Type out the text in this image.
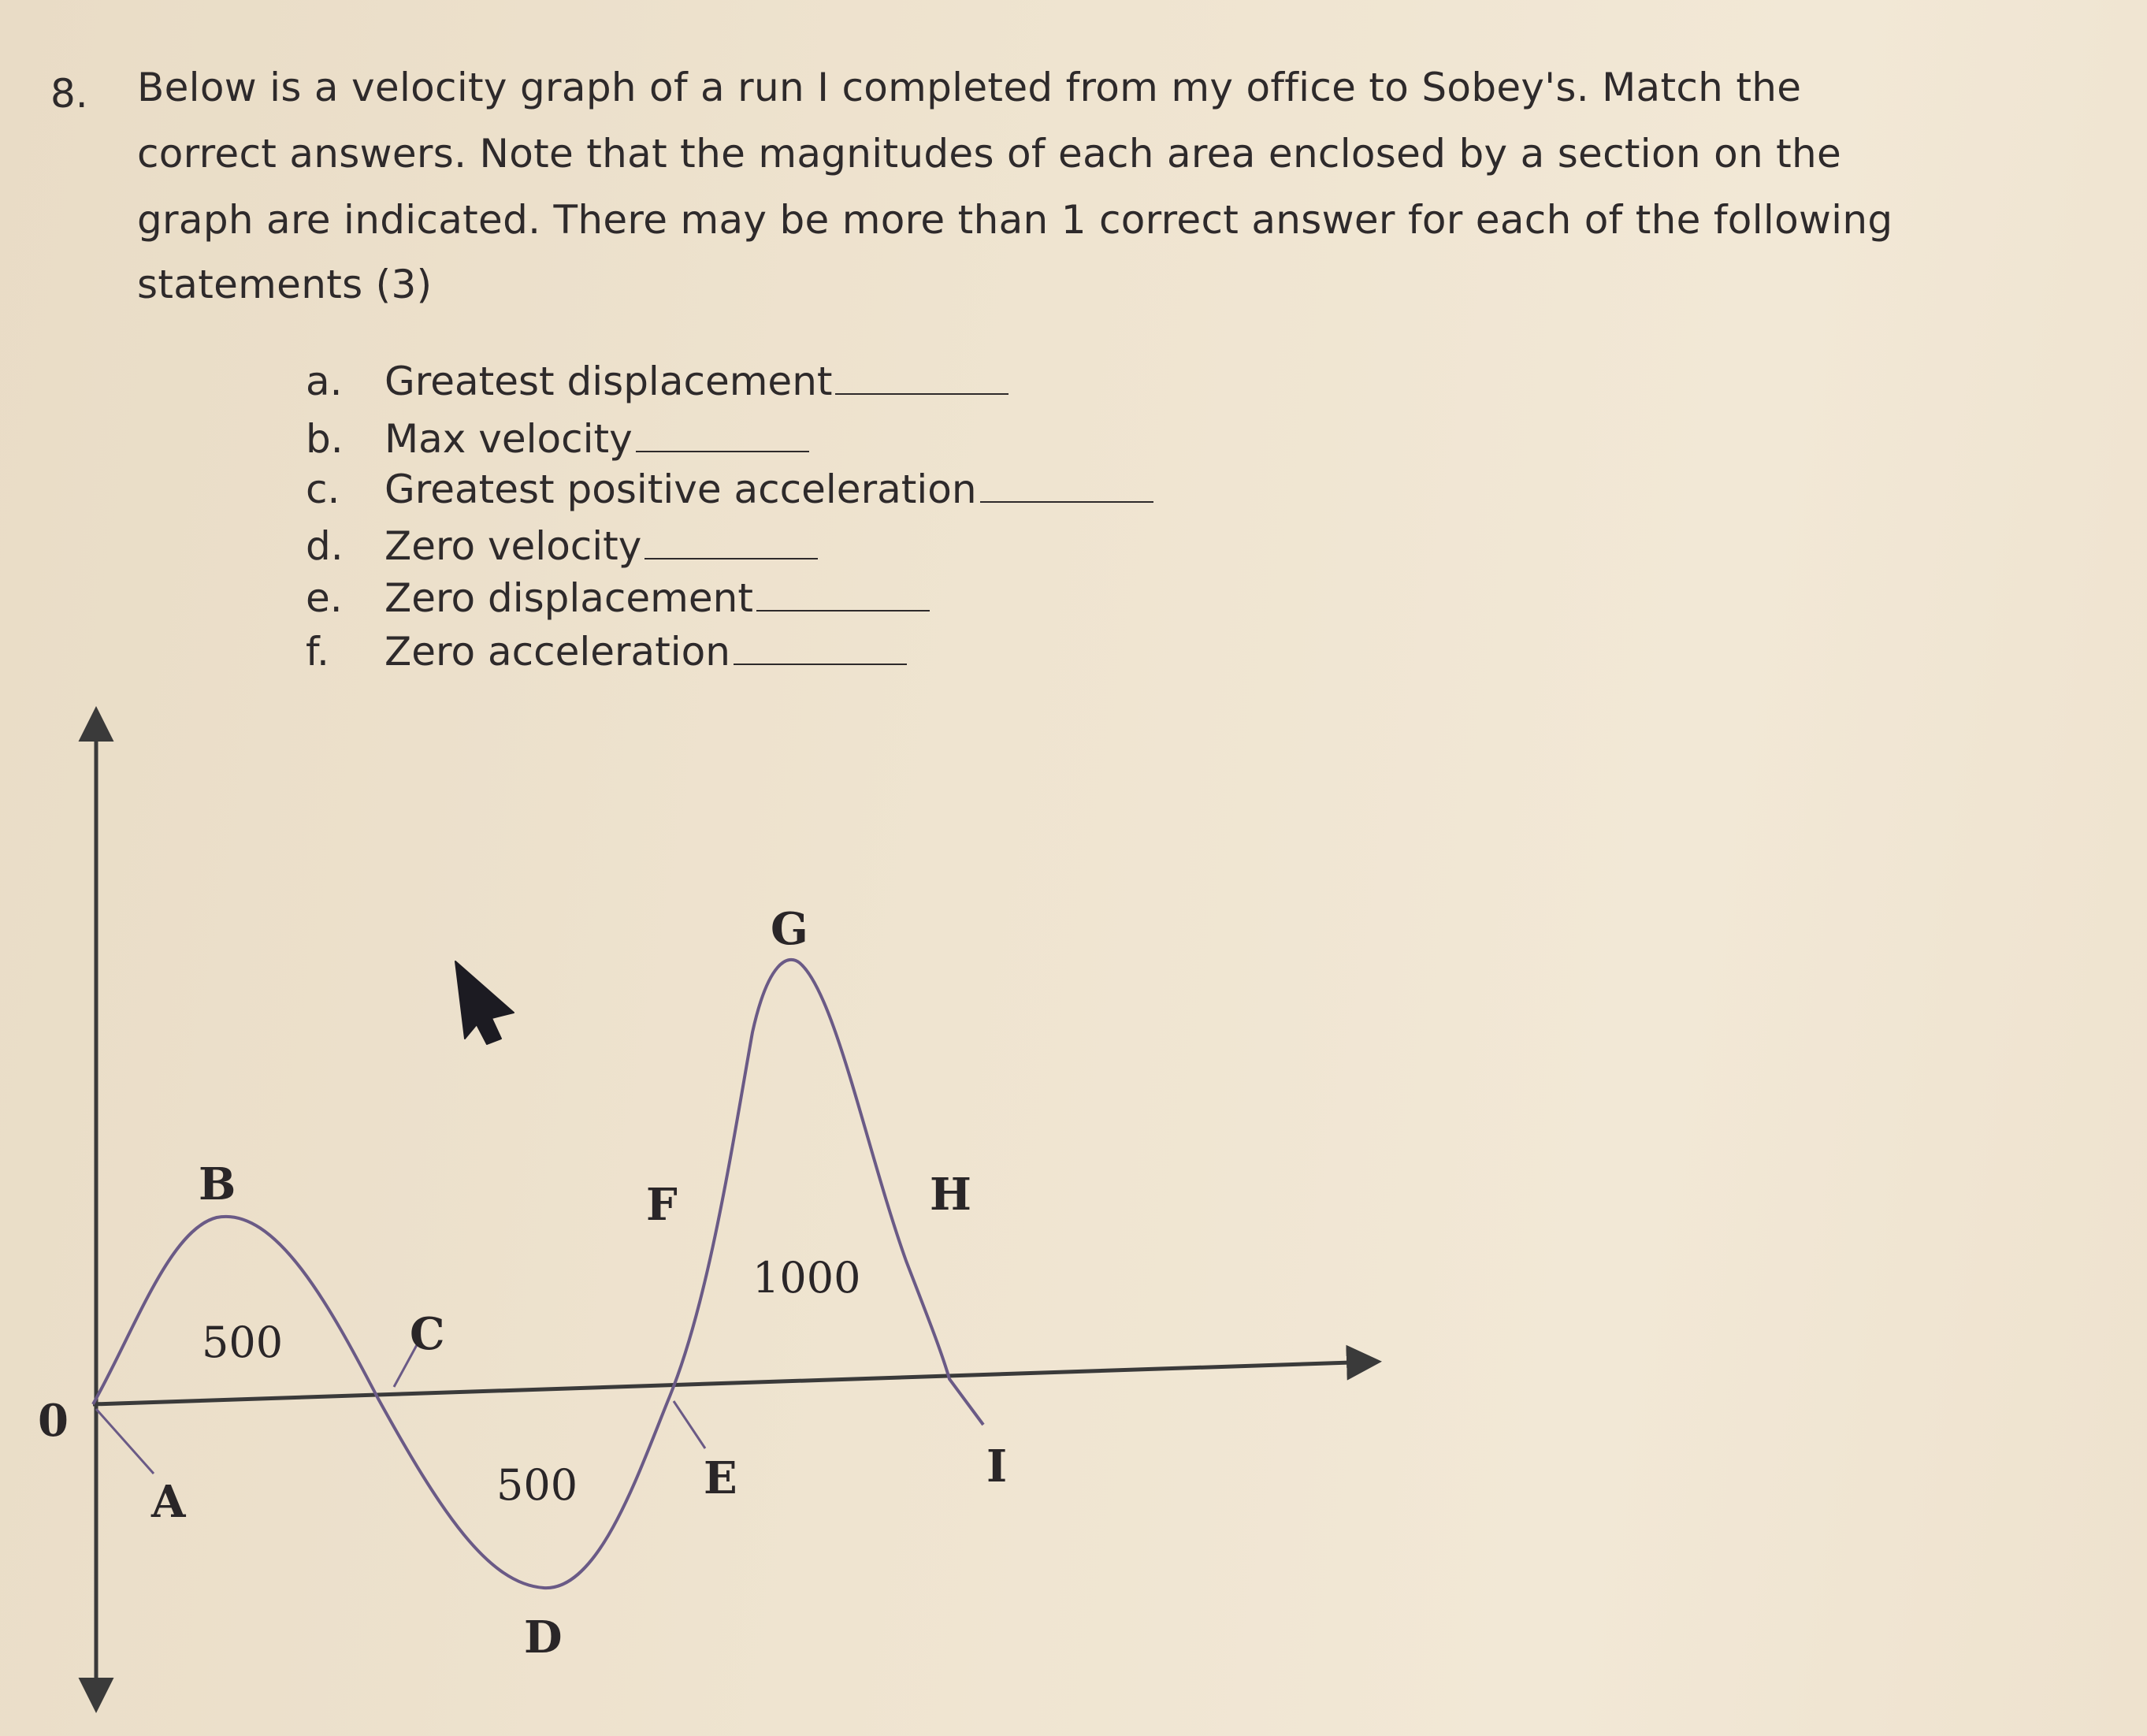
8. Below is a velocity graph of a run I completed from my office to Sobey's. Match the
correct answers. Note that the magnitudes of each area enclosed by a section on the
graph are indicated. There may be more than 1 correct answer for each of the following
statements (3)
a. Greatest displacement
b. Max velocity
c. Greatest positive acceleration
d. Zero velocity
e. Zero displacement
f. Zero acceleration
0
A
B
C
D
E
F
G
H
I
500
500
1000
